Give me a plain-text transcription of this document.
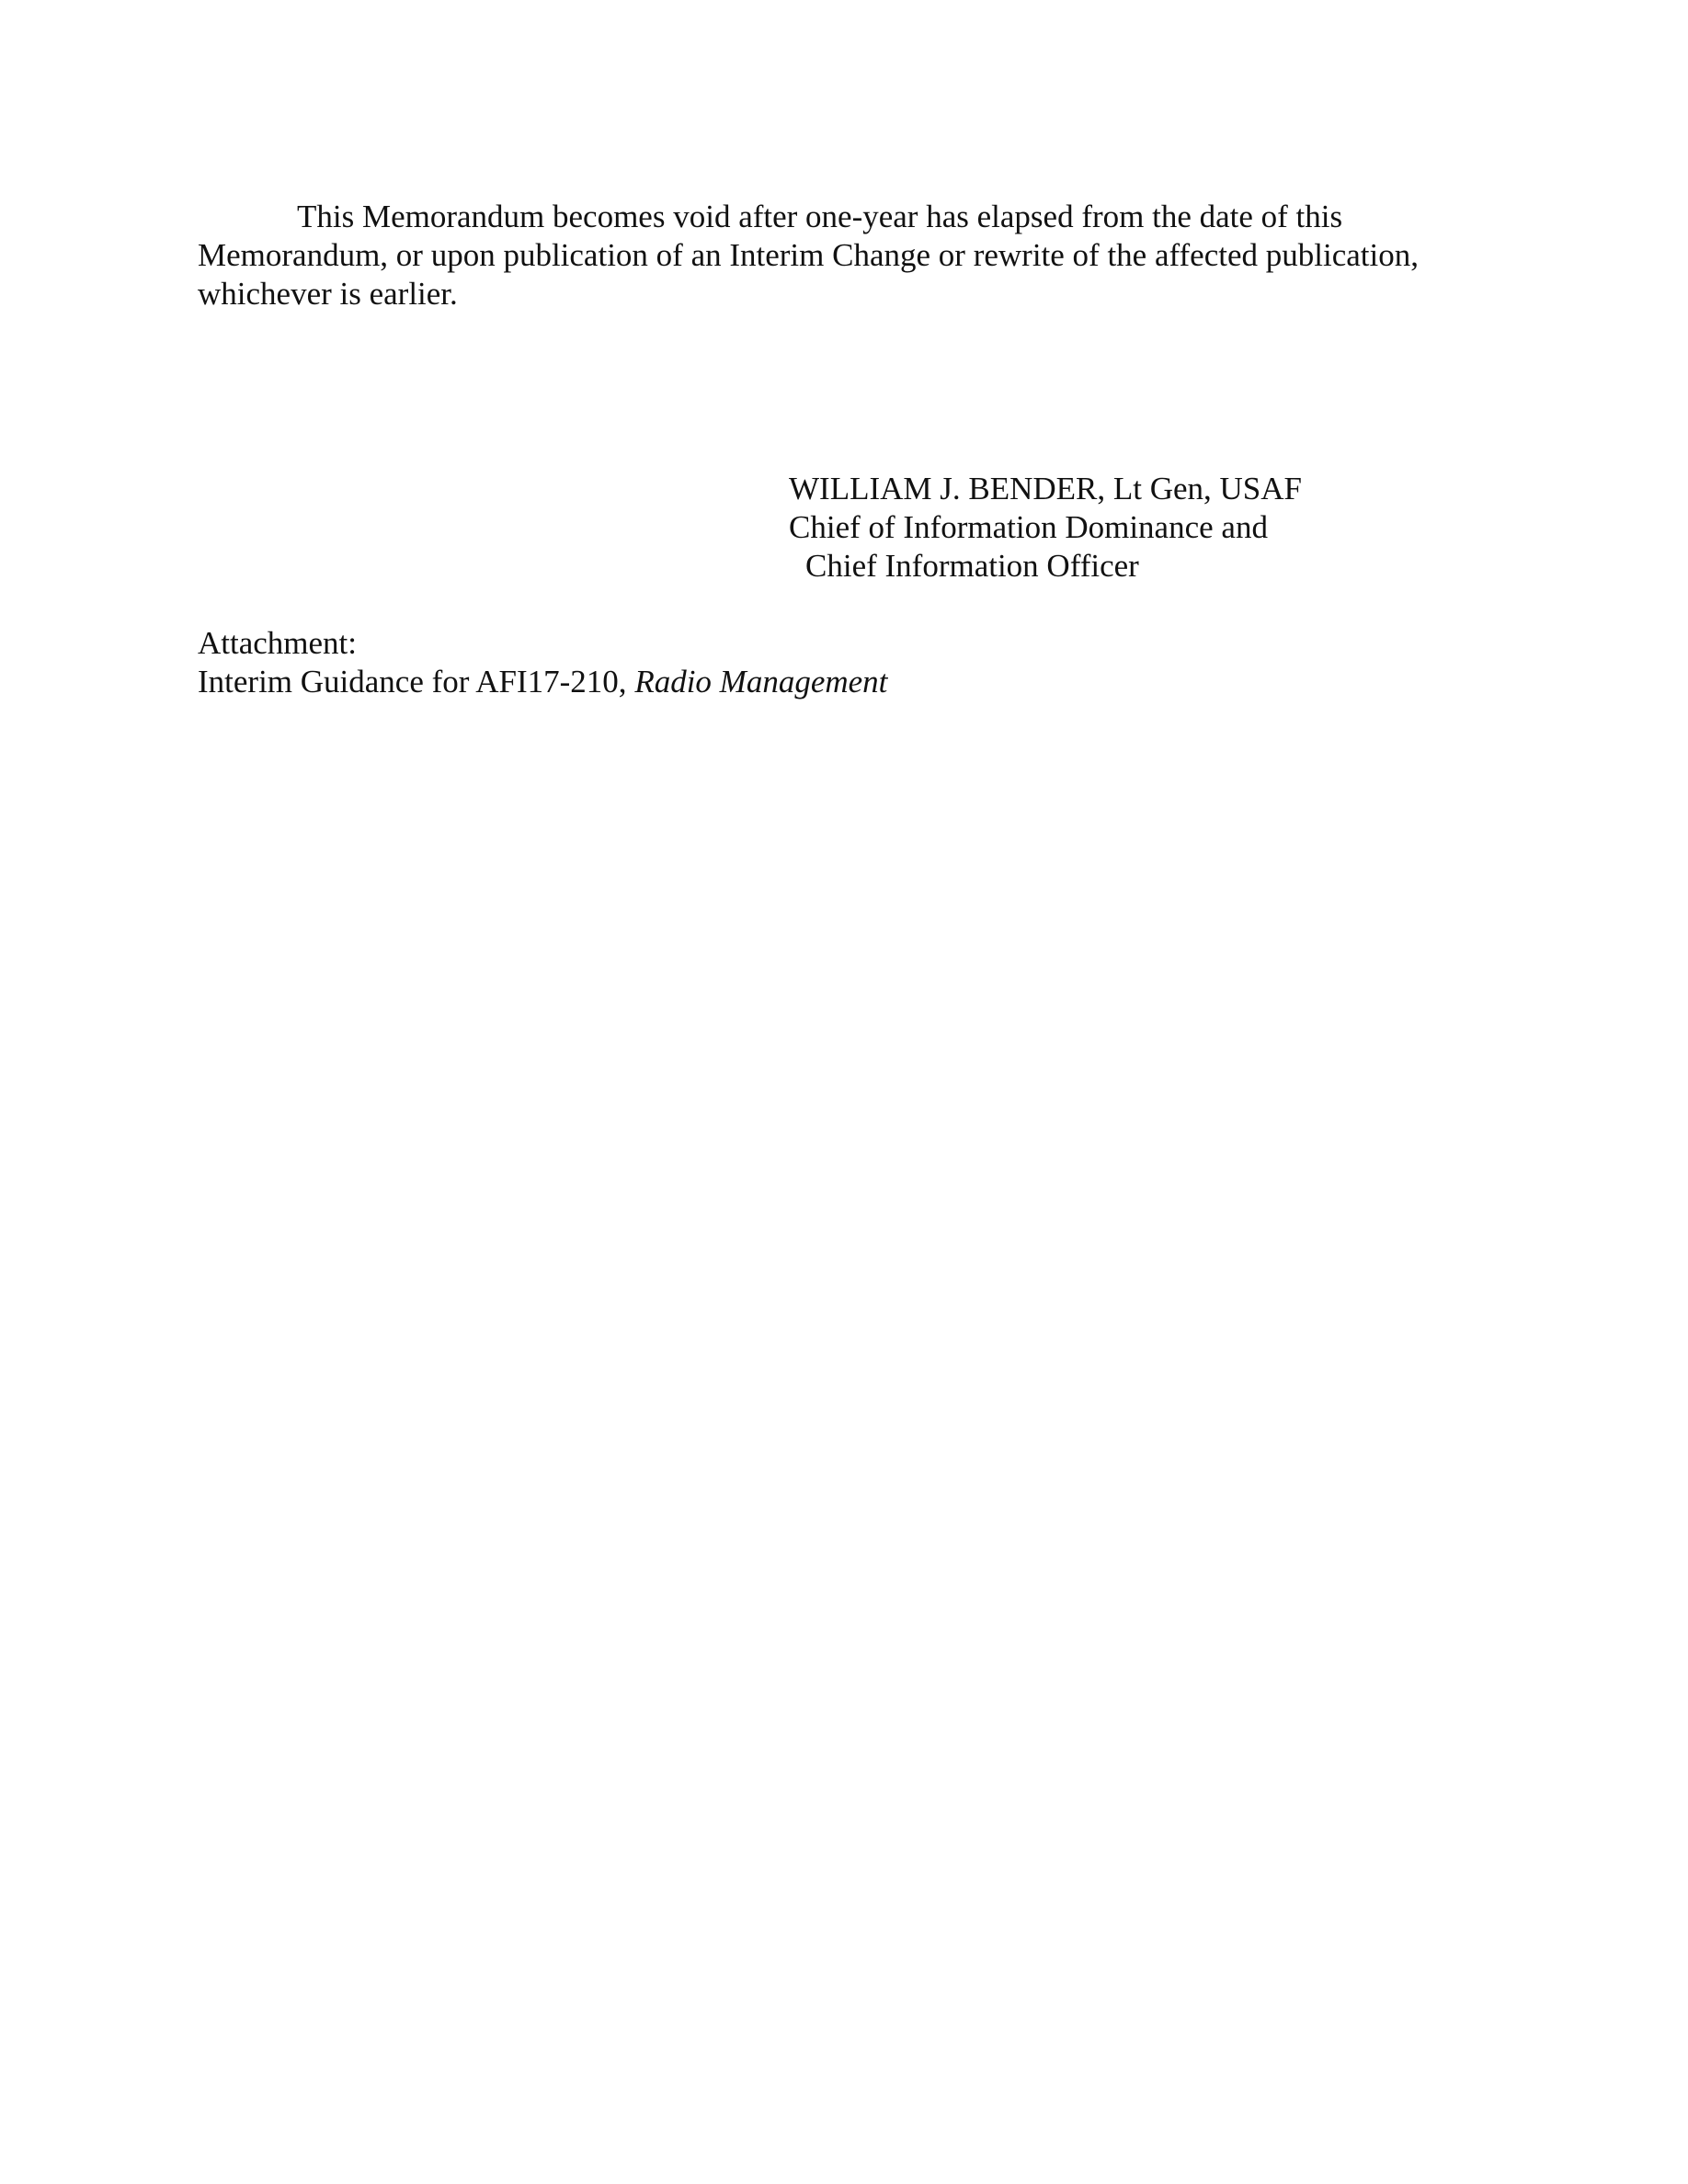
This Memorandum becomes void after one-year has elapsed from the date of this
Memorandum, or upon publication of an Interim Change or rewrite of the affected publication,
whichever is earlier.
WILLIAM J. BENDER, Lt Gen, USAF
Chief of Information Dominance and
Chief Information Officer
Attachment:
Interim Guidance for AFI17-210, Radio Management
